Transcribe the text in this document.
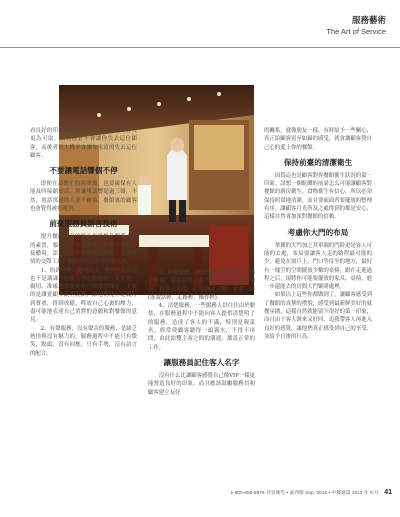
服務藝術
The Art of Service

看良好的印象離開也比留下一個憤怒的客人更為可取。因為前者不會讓你失去這位顧客，而後者很大機率會讓你永遠的失去這位顧客。

不要讓電話響個不停

即便在最繁忙的時間裏，也要確保有人能及時接聽電話。別讓電話響超過三聲，不然，電話那邊的人會不耐煩，餐館裏的顧客也會覺得被打擾到。

前臺服務員語言技術

提升餐飲水平的核心在於提升服務人員的素質，服務語言則是服務人員素質的最直接體現。語言是人們用來表達思想、交流感情的交際工具，服務語言這裏要注意幾點。

1、恰到好處，點到為止。服務不是演講也不是講課，服務人員在服務時只要清楚、親切、准確地表達出自己的意思即可，主要的是讓賓顧多說客說話，讓他們能在這裏得到尊重，得到放鬆，釋放自己心裏的壓力，盡可能地表達自己消費的意願和對餐館的意見。

2、有聲服務，沒有聲音的服務，是缺乏熱情與沒有魅力的。服務過程中不能只有微笑，點頭，沒有回應，只有手勢，沒有語言的配合。

3、輕聲服務，傳統服務是吆喝服務，喝堂叫菜，唱收唱付，現代服務則講究輕聲服務，爲客人保留一片寧靜的天地。要求三輕(即說話輕、走路輕、操作輕)。

4、清楚服務，一些服務人員往往由於膽怯，在服務過程中不能向客人提供清楚明了的服務，造成了客人的不滿，特別是報菜名，經常使顧客聽得一頭霧水，不得不再問，由此給雙主客之間的溝通，都設正常的工作。

讓服務員記住客人名字

沒有什么比讓顧客感覺自己像VIP一樣更能營造良好的印象。而且應該鼓勵服務員和顧客建立友好

的關系，就像朋友一樣。有時給予一些關心，真正給顧客賓至如歸的感受，就會讓顧客覺自己心的愛上你的餐館。

保持前臺的清潔衛生

因爲這也是顧客對你餐館衛生狀況的第一印象。試想一個骯髒的前臺怎么可能讓顧客對餐館的廚房衛生、食物衛生有信心，所以必須保持照常地清潔，而且要面面齊要擺放的整理有序，讓顧客月光所及之處得到的都是安心，這樣自然會加深對餐館的信賴。

考慮你大門的布局

華麗的大門加之其單調的門鈴更是客人可能的去處，布局要讓客人走的路程最可能的少，避免在窗戶上、門口等待坐的地方，最好有一塊空的空間擺放少數的桌椅，跟在走進過程之后，卻將你可能要擺放的家具、桌椅，進一步還能去的房間大門緊閉處理。

如果以上這些你都做到了，讓顧客感受到了餐館的真摯的禮貌，感受到最新鮮美好的就餐氛圍，這樣自然就能留下很好的第一印象，而且由于客人既來又好回，追我帶客人再進入良好的感覺，讓他們真正感受到自己的享受、並給予日後的行為。

1-800-655-8876 刊登廣告 • 東西版 Sep. 2012 • 中餐通訊 2012 年 9 月 41
